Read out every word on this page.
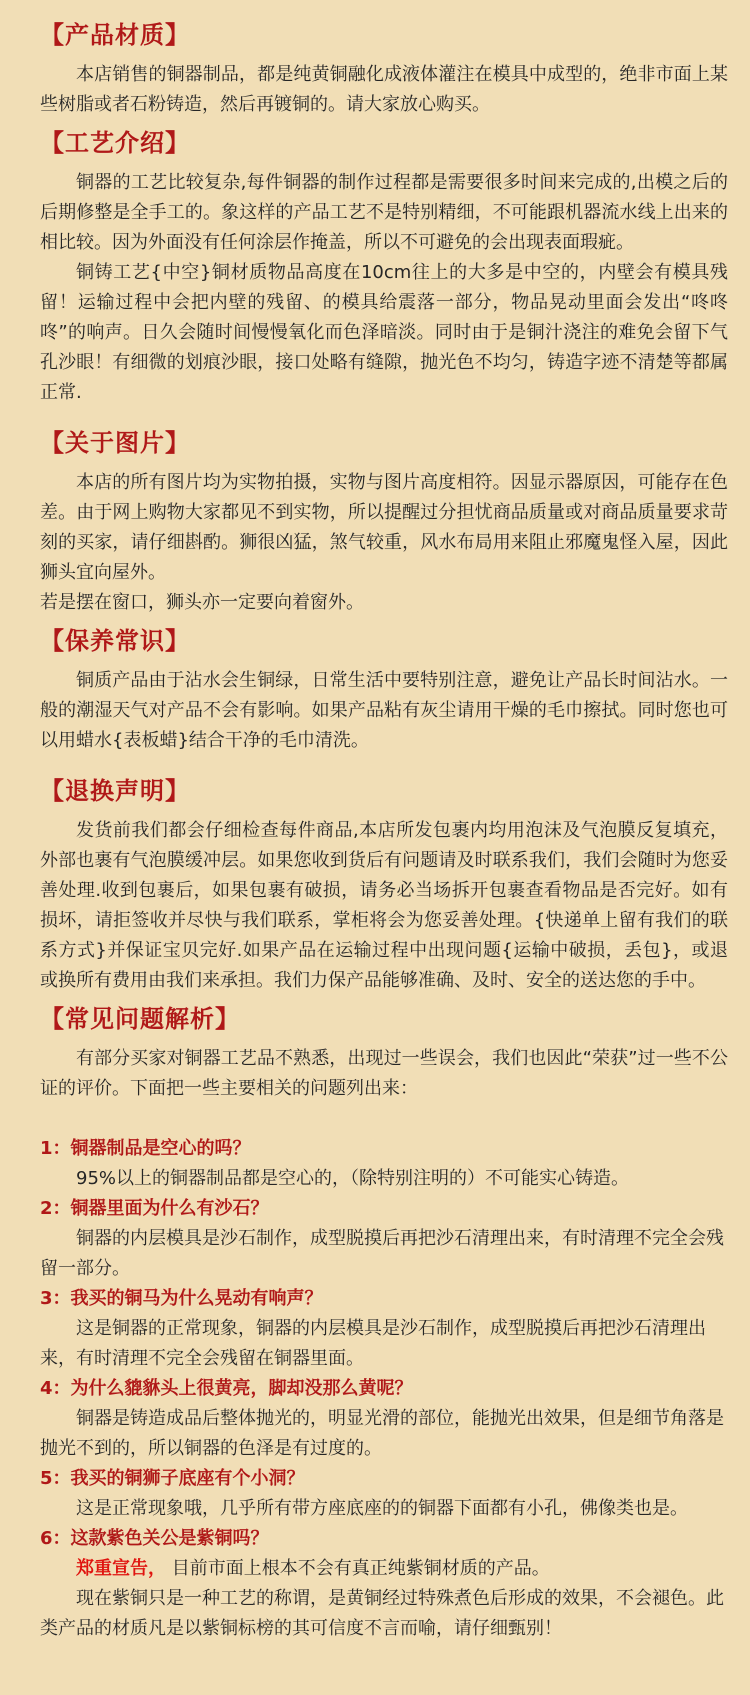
【产品材质】

本店销售的铜器制品，都是纯黄铜融化成液体灌注在模具中成型的，绝非市面上某些树脂或者石粉铸造，然后再镀铜的。请大家放心购买。

【工艺介绍】

铜器的工艺比较复杂,每件铜器的制作过程都是需要很多时间来完成的,出模之后的后期修整是全手工的。象这样的产品工艺不是特别精细，不可能跟机器流水线上出来的相比较。因为外面没有任何涂层作掩盖，所以不可避免的会出现表面瑕疵。

铜铸工艺{中空}铜材质物品高度在10cm往上的大多是中空的，内壁会有模具残留！运输过程中会把内壁的残留、的模具给震落一部分，物品晃动里面会发出“咚咚咚”的响声。日久会随时间慢慢氧化而色泽暗淡。同时由于是铜汁浇注的难免会留下气孔沙眼！有细微的划痕沙眼，接口处略有缝隙，抛光色不均匀，铸造字迹不清楚等都属正常.

【关于图片】

本店的所有图片均为实物拍摄，实物与图片高度相符。因显示器原因，可能存在色差。由于网上购物大家都见不到实物，所以提醒过分担忧商品质量或对商品质量要求苛刻的买家，请仔细斟酌。狮很凶猛，煞气较重，风水布局用来阻止邪魔鬼怪入屋，因此狮头宜向屋外。

若是摆在窗口，狮头亦一定要向着窗外。

【保养常识】

铜质产品由于沾水会生铜绿，日常生活中要特别注意，避免让产品长时间沾水。一般的潮湿天气对产品不会有影响。如果产品粘有灰尘请用干燥的毛巾擦拭。同时您也可以用蜡水{表板蜡}结合干净的毛巾清洗。

【退换声明】

发货前我们都会仔细检查每件商品,本店所发包裹内均用泡沫及气泡膜反复填充，外部也裹有气泡膜缓冲层。如果您收到货后有问题请及时联系我们，我们会随时为您妥善处理.收到包裹后，如果包裹有破损，请务必当场拆开包裹查看物品是否完好。如有损坏，请拒签收并尽快与我们联系，掌柜将会为您妥善处理。{快递单上留有我们的联系方式}并保证宝贝完好.如果产品在运输过程中出现问题{运输中破损，丢包}，或退或换所有费用由我们来承担。我们力保产品能够准确、及时、安全的送达您的手中。

【常见问题解析】

有部分买家对铜器工艺品不熟悉，出现过一些误会，我们也因此“荣获”过一些不公证的评价。下面把一些主要相关的问题列出来：

1：铜器制品是空心的吗？

95%以上的铜器制品都是空心的，（除特别注明的）不可能实心铸造。

2：铜器里面为什么有沙石？

铜器的内层模具是沙石制作，成型脱摸后再把沙石清理出来，有时清理不完全会残留一部分。

3：我买的铜马为什么晃动有响声？

这是铜器的正常现象，铜器的内层模具是沙石制作，成型脱摸后再把沙石清理出来，有时清理不完全会残留在铜器里面。

4：为什么貔貅头上很黄亮，脚却没那么黄呢？

铜器是铸造成品后整体抛光的，明显光滑的部位，能抛光出效果，但是细节角落是抛光不到的，所以铜器的色泽是有过度的。

5：我买的铜狮子底座有个小洞？

这是正常现象哦，几乎所有带方座底座的的铜器下面都有小孔，佛像类也是。

6：这款紫色关公是紫铜吗？

郑重宣告， 目前市面上根本不会有真正纯紫铜材质的产品。

现在紫铜只是一种工艺的称谓，是黄铜经过特殊煮色后形成的效果，不会褪色。此类产品的材质凡是以紫铜标榜的其可信度不言而喻，请仔细甄别！
